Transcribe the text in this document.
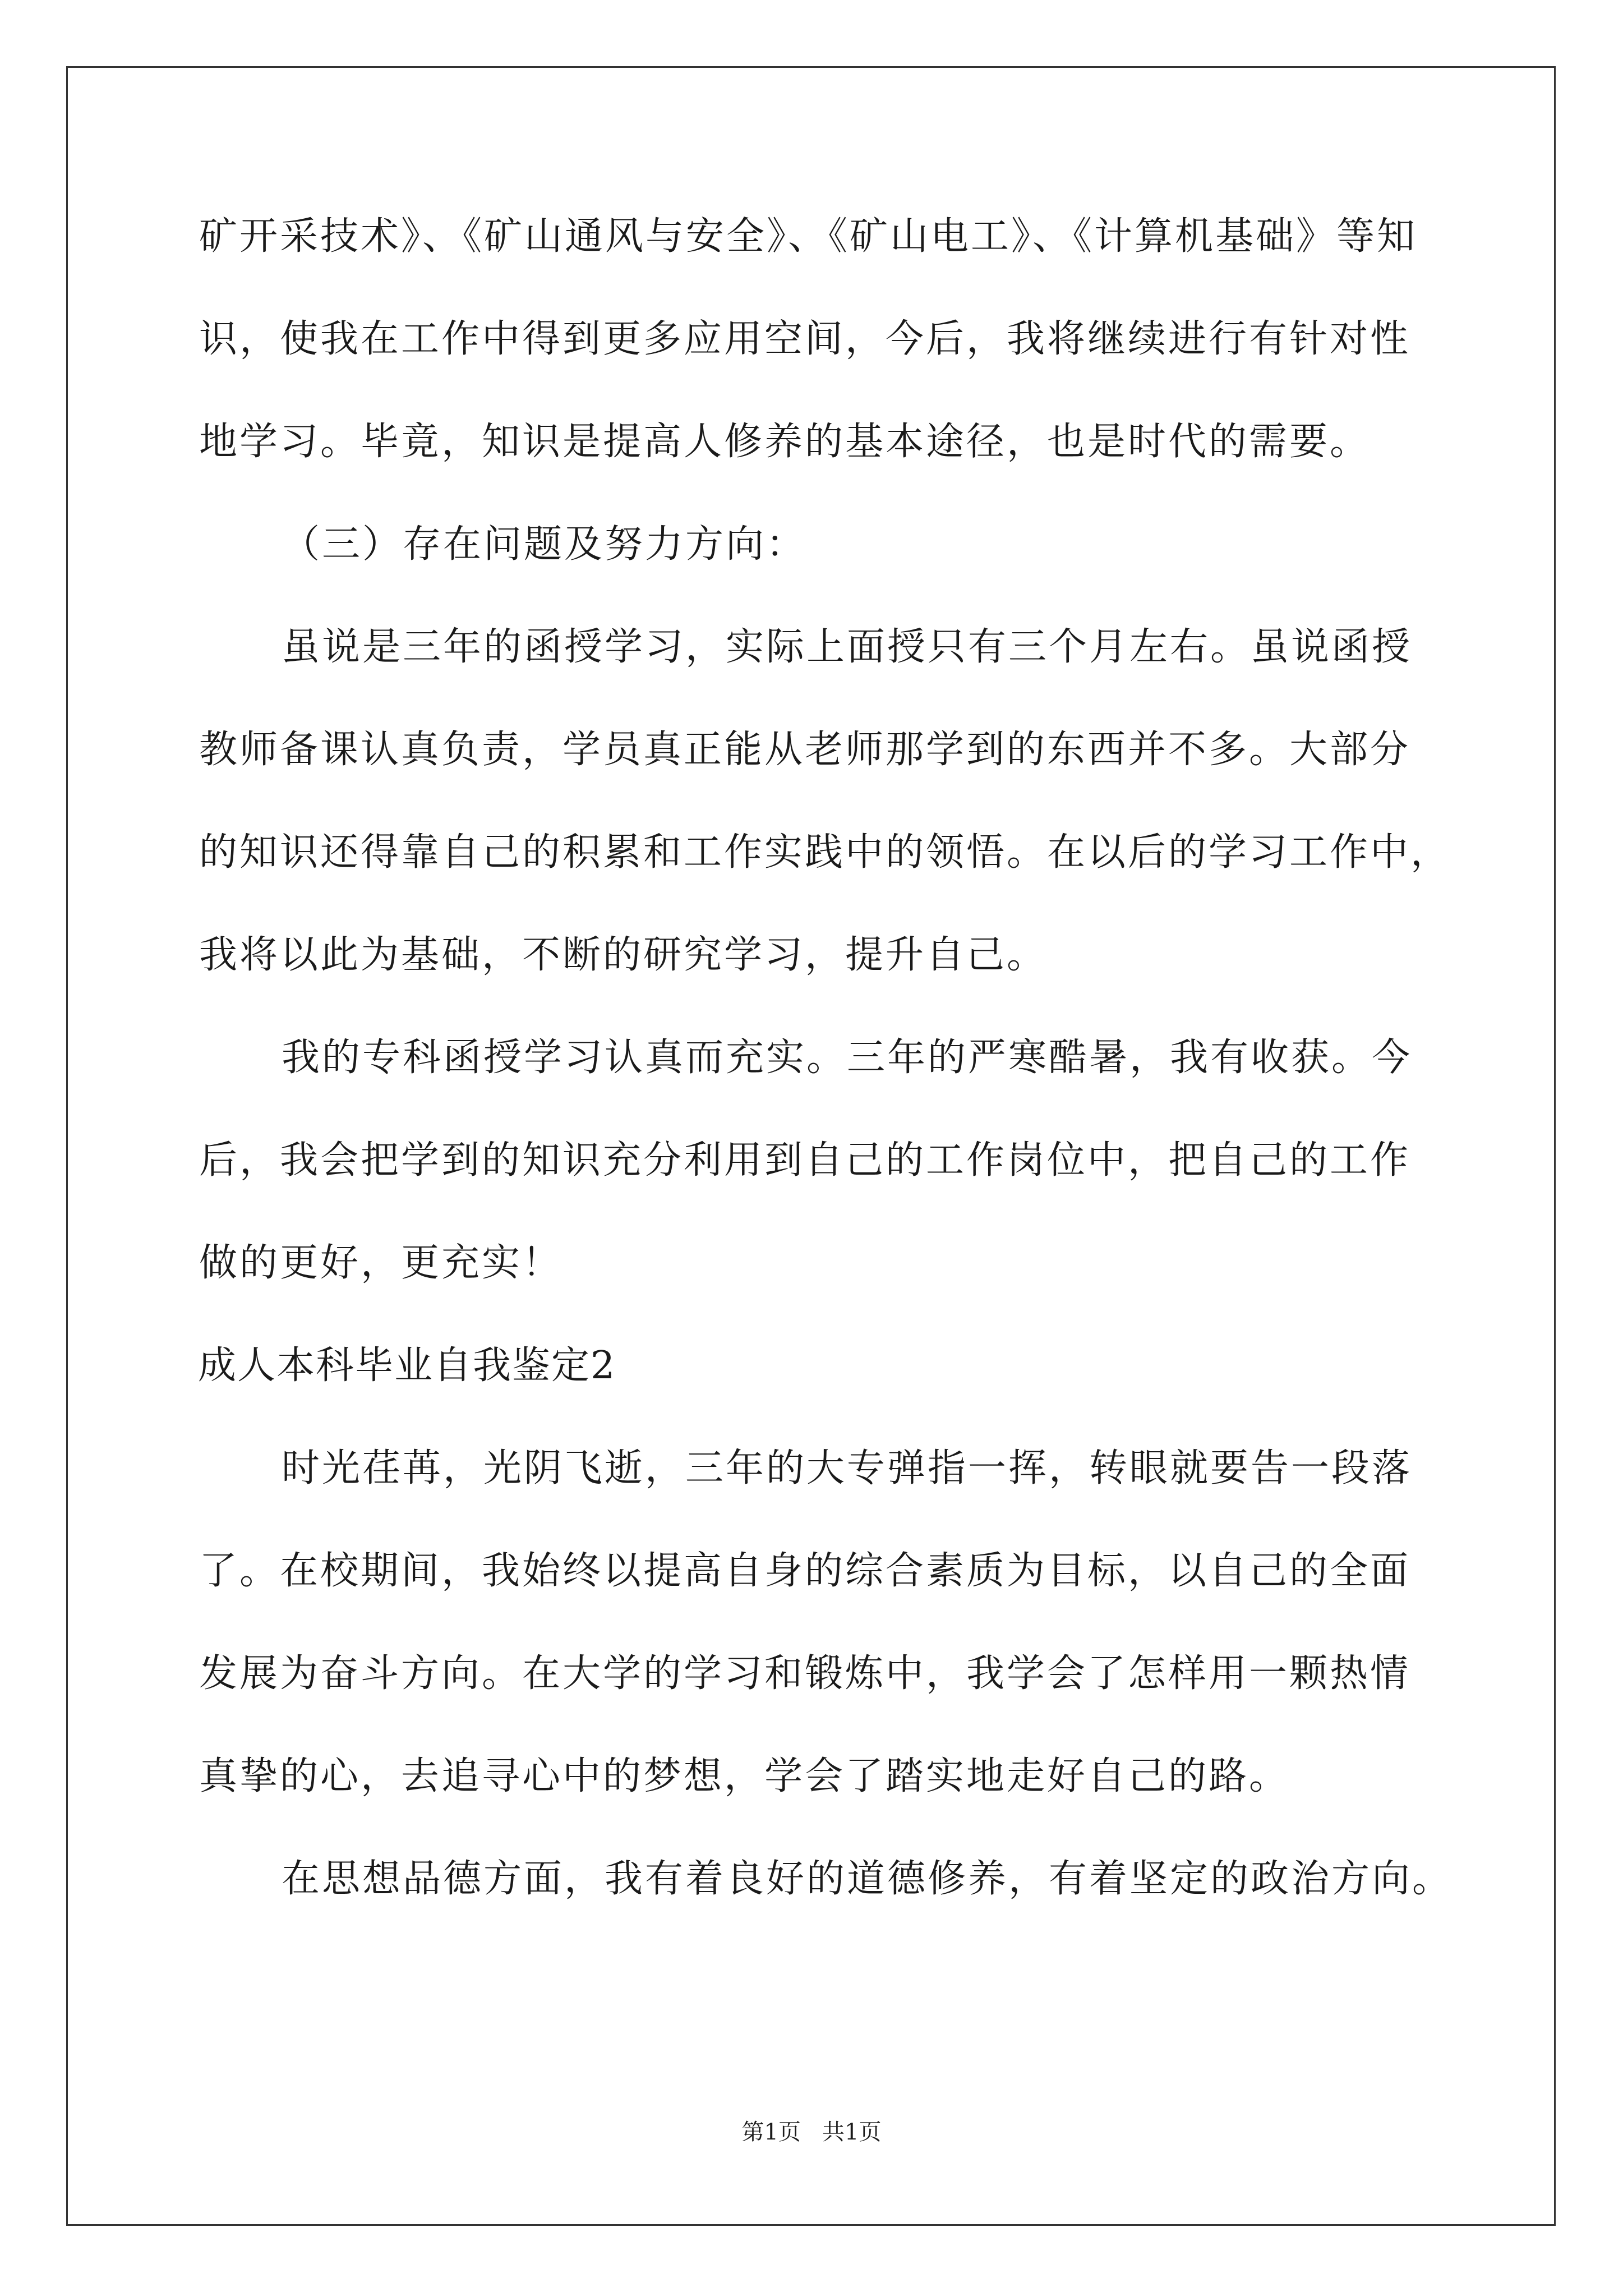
矿开采技术》、《矿山通风与安全》、《矿山电工》、《计算机基础》等知
识，使我在工作中得到更多应用空间，今后，我将继续进行有针对性
地学习。毕竟，知识是提高人修养的基本途径，也是时代的需要。
（三）存在问题及努力方向：
虽说是三年的函授学习，实际上面授只有三个月左右。虽说函授
教师备课认真负责，学员真正能从老师那学到的东西并不多。大部分
的知识还得靠自己的积累和工作实践中的领悟。在以后的学习工作中，
我将以此为基础，不断的研究学习，提升自己。
我的专科函授学习认真而充实。三年的严寒酷暑，我有收获。今
后，我会把学到的知识充分利用到自己的工作岗位中，把自己的工作
做的更好，更充实！
成人本科毕业自我鉴定2
时光荏苒，光阴飞逝，三年的大专弹指一挥，转眼就要告一段落
了。在校期间，我始终以提高自身的综合素质为目标，以自己的全面
发展为奋斗方向。在大学的学习和锻炼中，我学会了怎样用一颗热情
真挚的心，去追寻心中的梦想，学会了踏实地走好自己的路。
在思想品德方面，我有着良好的道德修养，有着坚定的政治方向。
第1页 共1页
